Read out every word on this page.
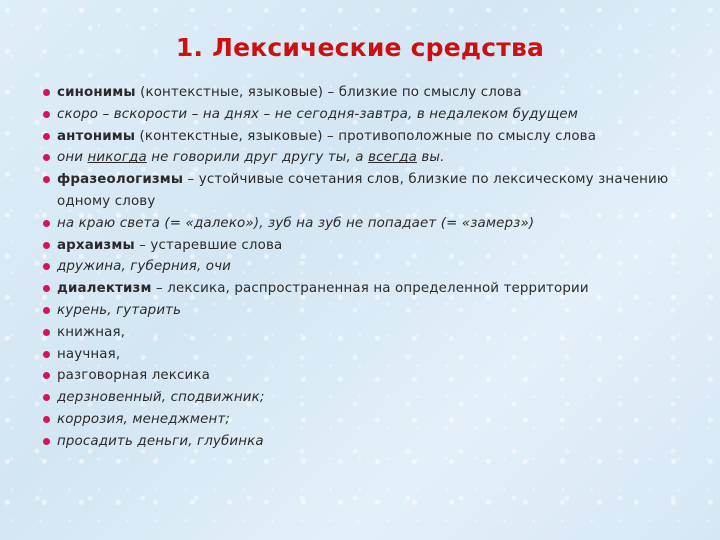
1. Лексические средства
синонимы (контекстные, языковые) – близкие по смыслу слова
скоро – вскорости – на днях – не сегодня-завтра, в недалеком будущем
антонимы (контекстные, языковые) – противоположные по смыслу слова
они никогда не говорили друг другу ты, а всегда вы.
фразеологизмы – устойчивые сочетания слов, близкие по лексическому значению одному слову
на краю света (= «далеко»), зуб на зуб не попадает (= «замерз»)
архаизмы – устаревшие слова
дружина, губерния, очи
диалектизм – лексика, распространенная на определенной территории
курень, гутарить
книжная,
научная,
разговорная лексика
дерзновенный, сподвижник;
коррозия, менеджмент;
просадить деньги, глубинка
